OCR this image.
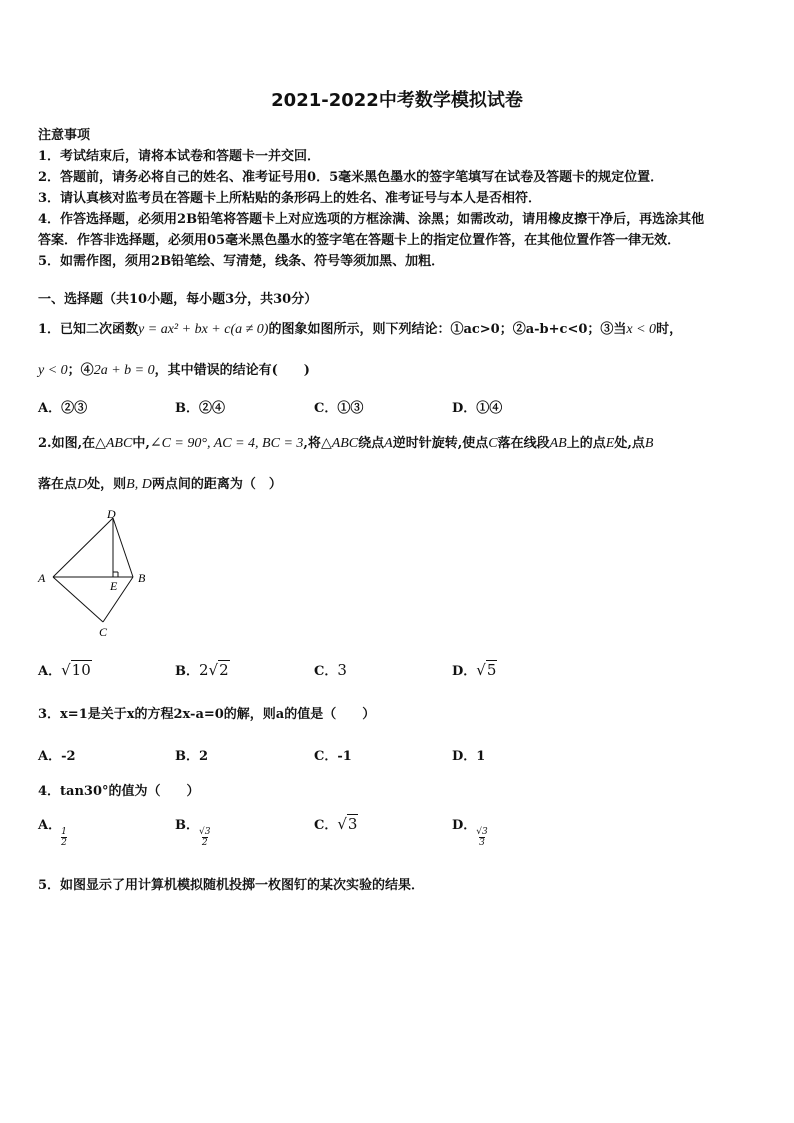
2021-2022中考数学模拟试卷
注意事项
1．考试结束后，请将本试卷和答题卡一并交回．
2．答题前，请务必将自己的姓名、准考证号用0．5毫米黑色墨水的签字笔填写在试卷及答题卡的规定位置．
3．请认真核对监考员在答题卡上所粘贴的条形码上的姓名、准考证号与本人是否相符．
4．作答选择题，必须用2B铅笔将答题卡上对应选项的方框涂满、涂黑；如需改动，请用橡皮擦干净后，再选涂其他
答案．作答非选择题，必须用05毫米黑色墨水的签字笔在答题卡上的指定位置作答，在其他位置作答一律无效．
5．如需作图，须用2B铅笔绘、写清楚，线条、符号等须加黑、加粗．
一、选择题（共10小题，每小题3分，共30分）
1．已知二次函数y = ax² + bx + c(a ≠ 0)的图象如图所示，则下列结论：①ac>0；②a-b+c<0；③当x < 0时，
y < 0；④2a + b = 0，其中错误的结论有(　　)
A．②③	B．②④	C．①③	D．①④
2.如图,在△ABC中,∠C = 90°, AC = 4, BC = 3,将△ABC绕点A逆时针旋转,使点C落在线段AB上的点E处,点B
落在点D处，则B, D两点间的距离为（　）
D
A
E
B
C
A．√10	B．2√2	C．3	D．√5
3．x=1是关于x的方程2x-a=0的解，则a的值是（　　）
A．-2	B．2	C．-1	D．1
4．tan30°的值为（　　）
A．$\frac{1}{2}$
B．$\frac{√3}{2}$
C．√3	D．$\frac{√3}{3}$
5．如图显示了用计算机模拟随机投掷一枚图钉的某次实验的结果．
